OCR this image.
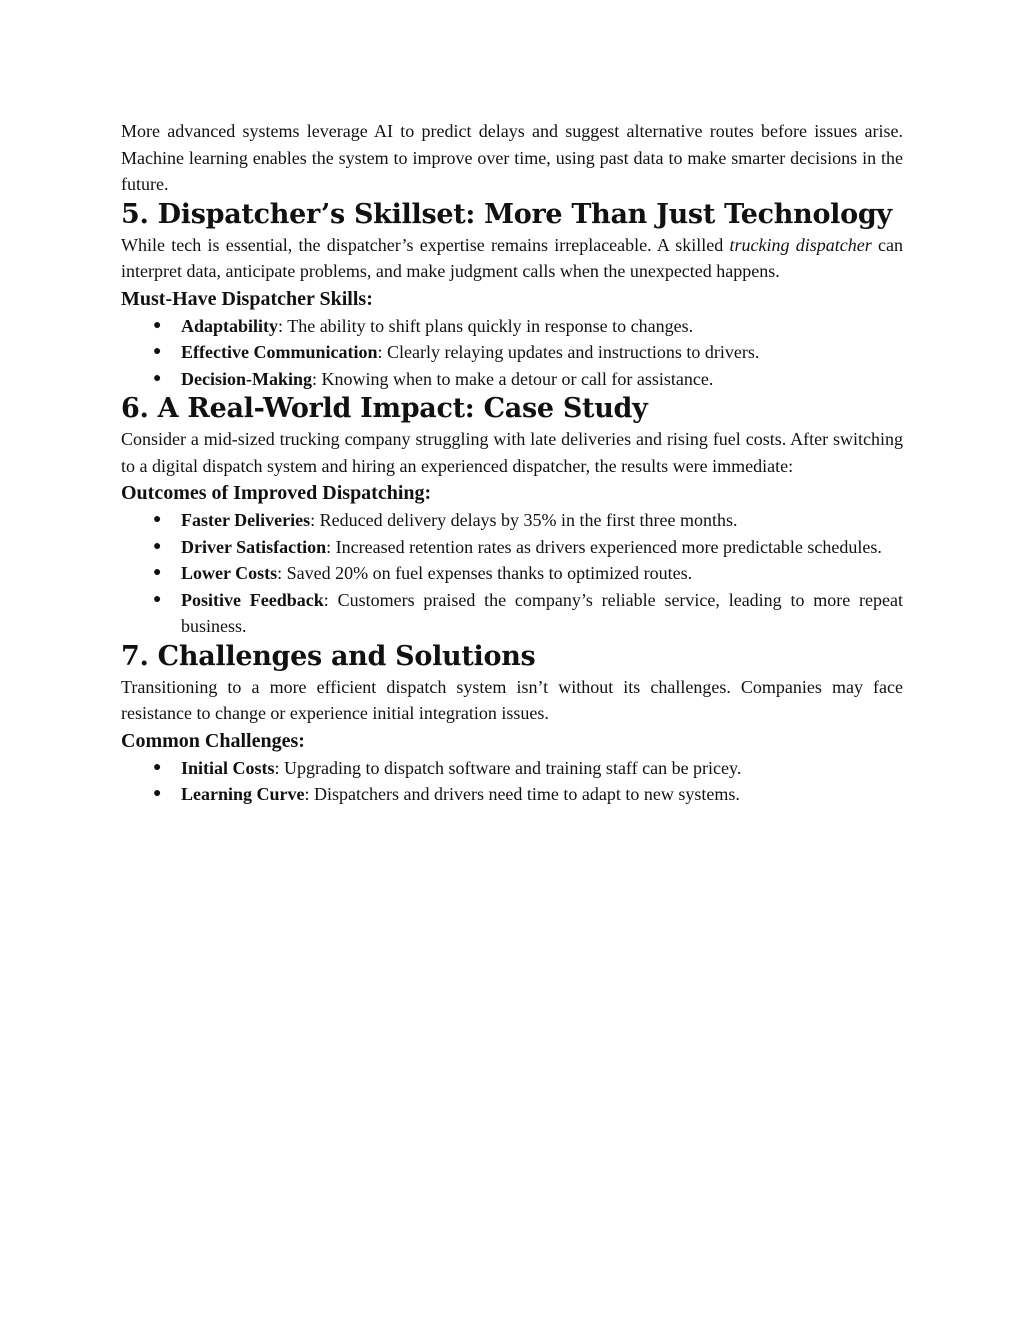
More advanced systems leverage AI to predict delays and suggest alternative routes before issues arise. Machine learning enables the system to improve over time, using past data to make smarter decisions in the future.

5. Dispatcher’s Skillset: More Than Just Technology

While tech is essential, the dispatcher’s expertise remains irreplaceable. A skilled trucking dispatcher can interpret data, anticipate problems, and make judgment calls when the unexpected happens.

Must-Have Dispatcher Skills:
● Adaptability: The ability to shift plans quickly in response to changes.
● Effective Communication: Clearly relaying updates and instructions to drivers.
● Decision-Making: Knowing when to make a detour or call for assistance.
6. A Real-World Impact: Case Study

Consider a mid-sized trucking company struggling with late deliveries and rising fuel costs. After switching to a digital dispatch system and hiring an experienced dispatcher, the results were immediate:

Outcomes of Improved Dispatching:
● Faster Deliveries: Reduced delivery delays by 35% in the first three months.
● Driver Satisfaction: Increased retention rates as drivers experienced more predictable schedules.
● Lower Costs: Saved 20% on fuel expenses thanks to optimized routes.
● Positive Feedback: Customers praised the company’s reliable service, leading to more repeat business.
7. Challenges and Solutions

Transitioning to a more efficient dispatch system isn’t without its challenges. Companies may face resistance to change or experience initial integration issues.

Common Challenges:
● Initial Costs: Upgrading to dispatch software and training staff can be pricey.
● Learning Curve: Dispatchers and drivers need time to adapt to new systems.
